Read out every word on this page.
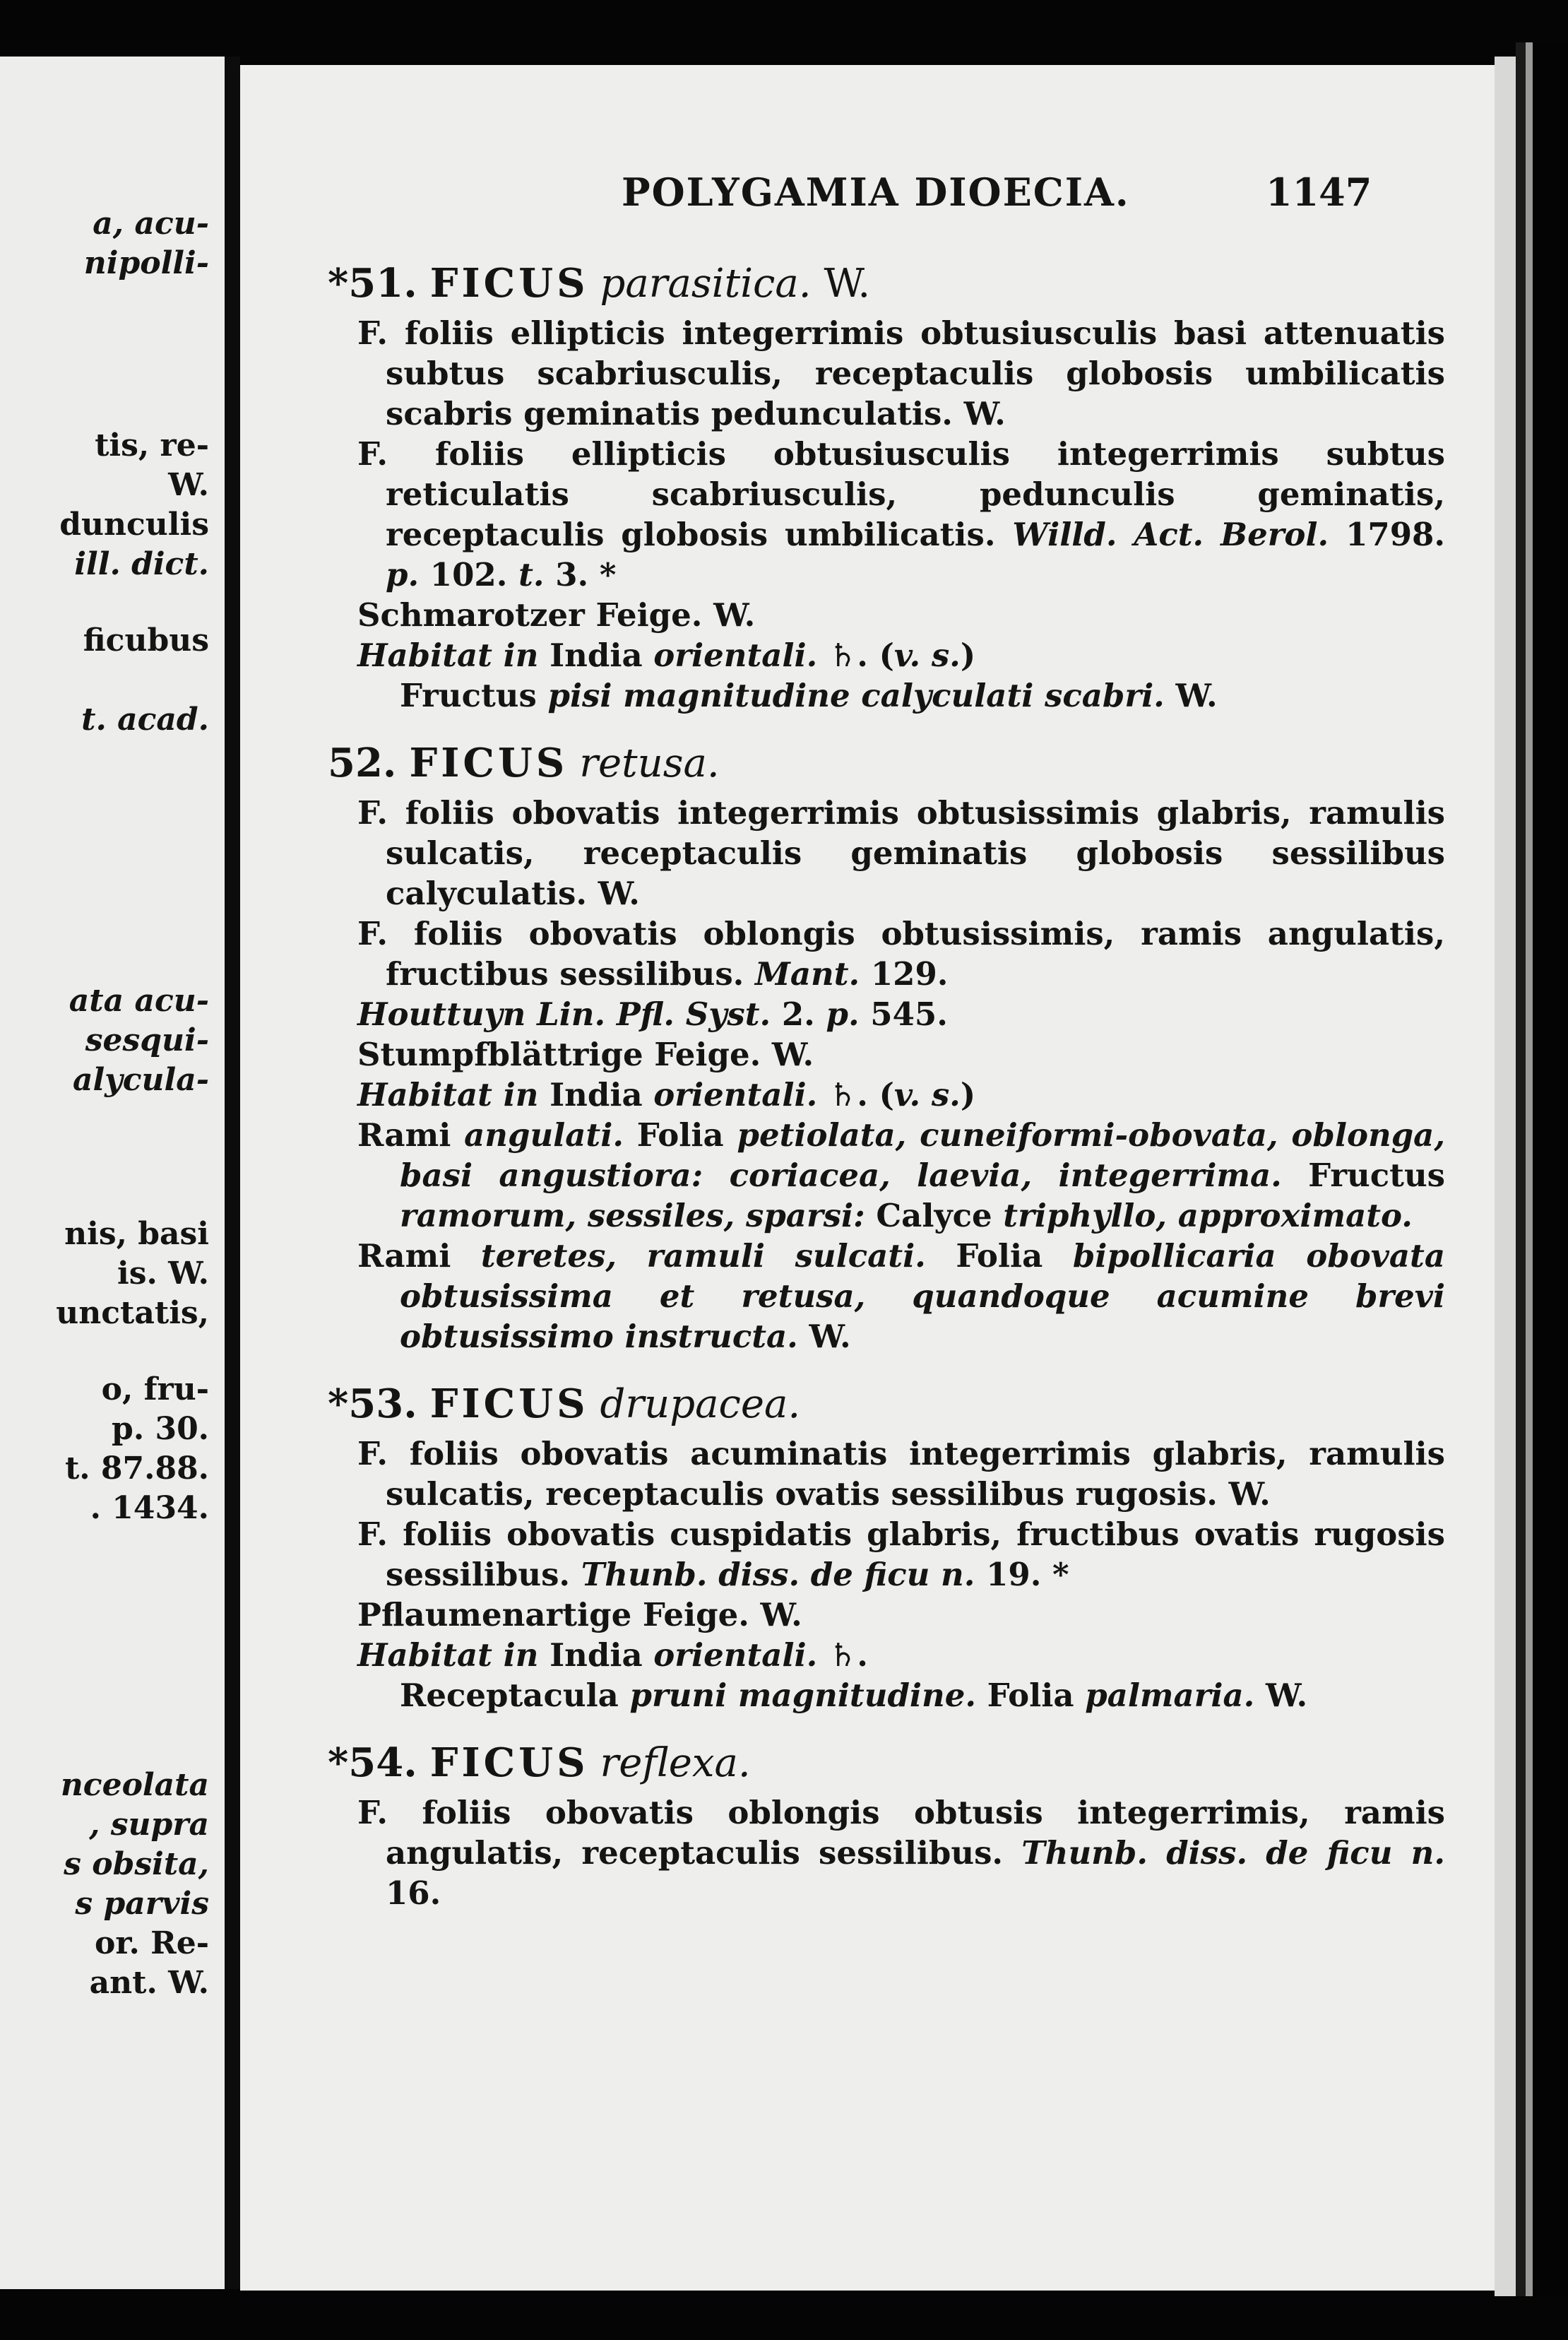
a, acu-
nipolli-
tis, re-
W.
dunculis
ill. dict.
ficubus
t. acad.
ata acu-
sesqui-
alycula-
nis, basi
is. W.
unctatis,
o, fru-
p. 30.
t. 87.88.
. 1434.
nceolata
, supra
s obsita,
s parvis
or. Re-
ant. W.
POLYGAMIA DIOECIA.	1147
*51. FICUS parasitica. W.
F. foliis ellipticis integerrimis obtusiusculis basi attenuatis subtus scabriusculis, receptaculis globosis umbilicatis scabris geminatis pedunculatis. W.
F. foliis ellipticis obtusiusculis integerrimis subtus reticulatis scabriusculis, pedunculis geminatis, receptaculis globosis umbilicatis. Willd. Act. Berol. 1798. p. 102. t. 3. *
Schmarotzer Feige. W.
Habitat in India orientali. ♄. (v. s.)
Fructus pisi magnitudine calyculati scabri. W.
52. FICUS retusa.
F. foliis obovatis integerrimis obtusissimis glabris, ramulis sulcatis, receptaculis geminatis globosis sessilibus calyculatis. W.
F. foliis obovatis oblongis obtusissimis, ramis angulatis, fructibus sessilibus. Mant. 129.
Houttuyn Lin. Pfl. Syst. 2. p. 545.
Stumpfblättrige Feige. W.
Habitat in India orientali. ♄. (v. s.)
Rami angulati. Folia petiolata, cuneiformi-obovata, oblonga, basi angustiora: coriacea, laevia, integerrima. Fructus ramorum, sessiles, sparsi: Calyce triphyllo, approximato.
Rami teretes, ramuli sulcati. Folia bipollicaria obovata obtusissima et retusa, quandoque acumine brevi obtusissimo instructa. W.
*53. FICUS drupacea.
F. foliis obovatis acuminatis integerrimis glabris, ramulis sulcatis, receptaculis ovatis sessilibus rugosis. W.
F. foliis obovatis cuspidatis glabris, fructibus ovatis rugosis sessilibus. Thunb. diss. de ficu n. 19. *
Pflaumenartige Feige. W.
Habitat in India orientali. ♄.
Receptacula pruni magnitudine. Folia palmaria. W.
*54. FICUS reflexa.
F. foliis obovatis oblongis obtusis integerrimis, ramis angulatis, receptaculis sessilibus. Thunb. diss. de ficu n. 16.
